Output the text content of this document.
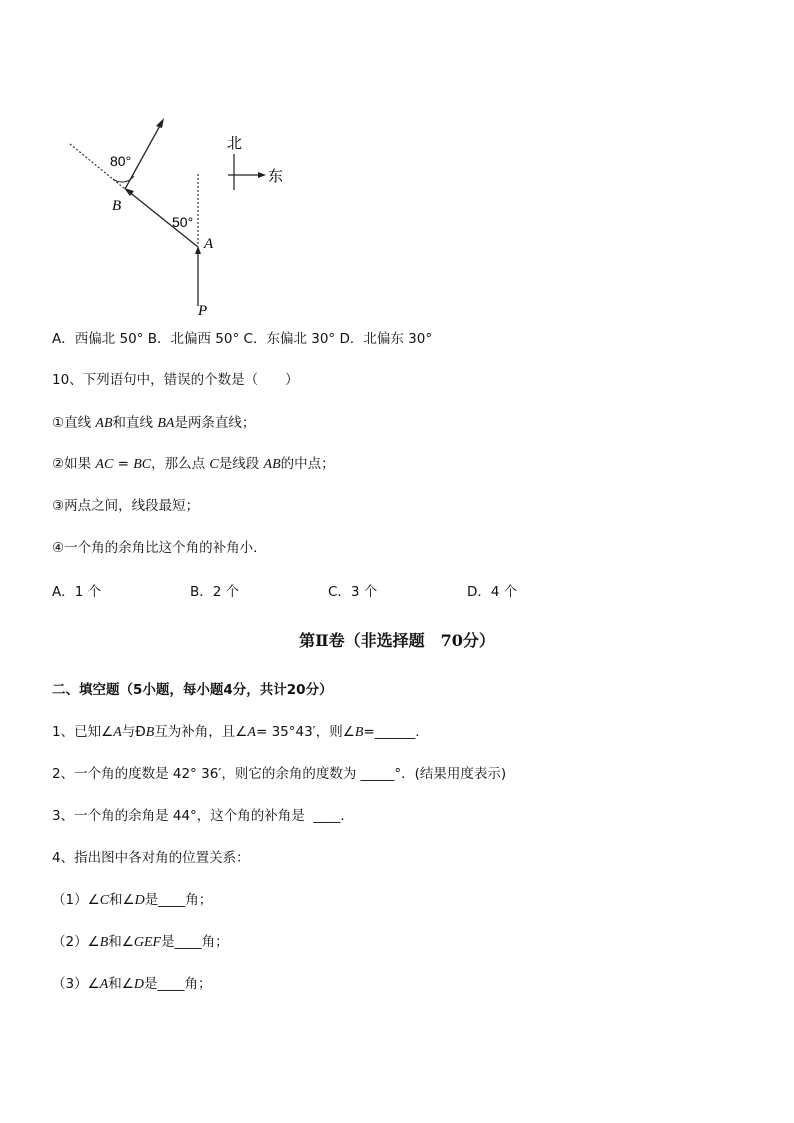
80°
50°
B
A
P
北
东
A．西偏北 50° B．北偏西 50° C．东偏北 30° D．北偏东 30°
10、下列语句中，错误的个数是（　　）
①直线 AB和直线 BA是两条直线；
②如果 AC = BC，那么点 C是线段 AB的中点；
③两点之间，线段最短；
④一个角的余角比这个角的补角小．
A．1 个	B．2 个	C．3 个	D．4 个
第Ⅱ卷（非选择题　70分）
二、填空题（5小题，每小题4分，共计20分）
1、已知∠A与ÐB互为补角，且∠A= 35°43′，则∠B=______.
2、一个角的度数是 42° 36′，则它的余角的度数为 _____°．(结果用度表示)
3、一个角的余角是 44°，这个角的补角是  ____．
4、指出图中各对角的位置关系：
（1）∠C和∠D是____角；
（2）∠B和∠GEF是____角；
（3）∠A和∠D是____角；
